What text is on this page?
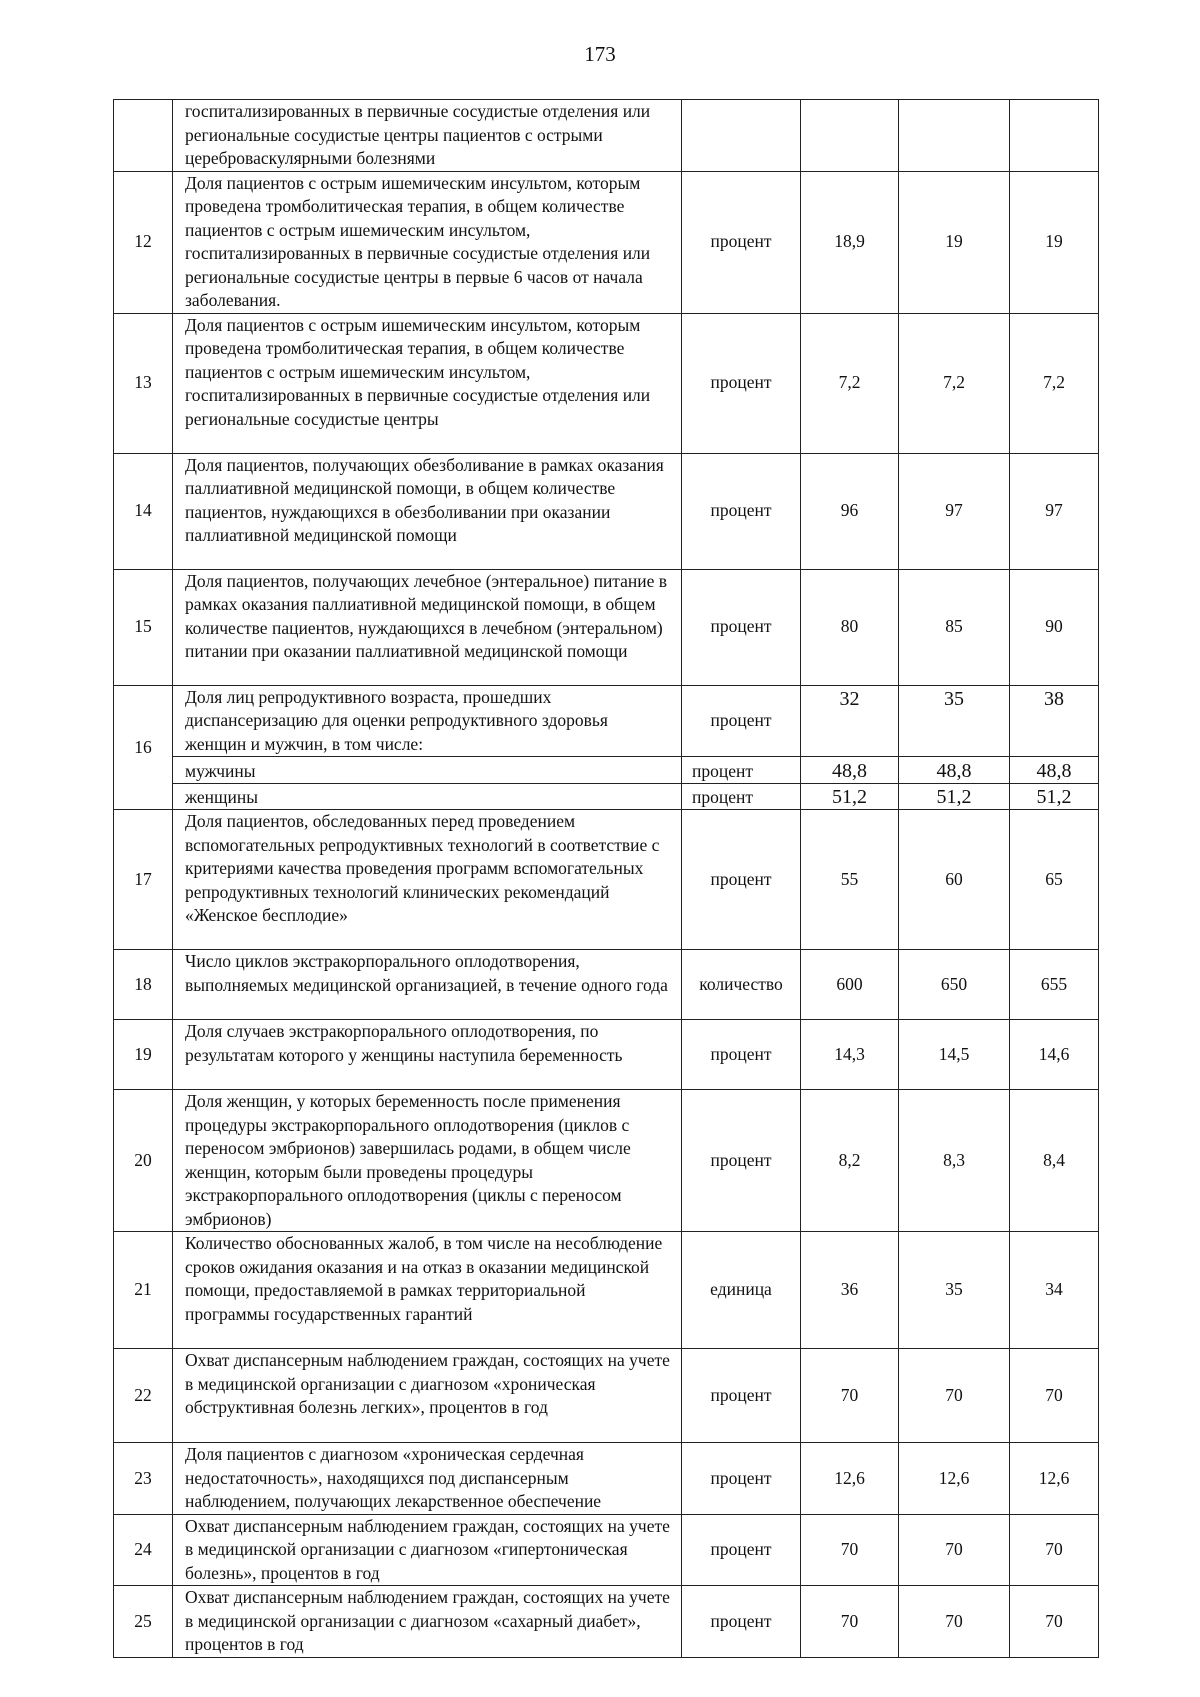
173
	госпитализированных в первичные сосудистые отделения или региональные сосудистые центры пациентов с острыми цереброваскулярными болезнями				
12	Доля пациентов с острым ишемическим инсультом, которым проведена тромболитическая терапия, в общем количестве пациентов с острым ишемическим инсультом, госпитализированных в первичные сосудистые отделения или региональные сосудистые центры в первые 6 часов от начала заболевания.	процент	18,9	19	19
13	Доля пациентов с острым ишемическим инсультом, которым проведена тромболитическая терапия, в общем количестве пациентов с острым ишемическим инсультом, госпитализированных в первичные сосудистые отделения или региональные сосудистые центры	процент	7,2	7,2	7,2
14	Доля пациентов, получающих обезболивание в рамках оказания паллиативной медицинской помощи, в общем количестве пациентов, нуждающихся в обезболивании при оказании паллиативной медицинской помощи	процент	96	97	97
15	Доля пациентов, получающих лечебное (энтеральное) питание в рамках оказания паллиативной медицинской помощи, в общем количестве пациентов, нуждающихся в лечебном (энтеральном) питании при оказании паллиативной медицинской помощи	процент	80	85	90
16	Доля лиц репродуктивного возраста, прошедших диспансеризацию для оценки репродуктивного здоровья женщин и мужчин, в том числе:	процент	32	35	38
	мужчины	процент	48,8	48,8	48,8
	женщины	процент	51,2	51,2	51,2
17	Доля пациентов, обследованных перед проведением вспомогательных репродуктивных технологий в соответствие с критериями качества проведения программ вспомогательных репродуктивных технологий клинических рекомендаций «Женское бесплодие»	процент	55	60	65
18	Число циклов экстракорпорального оплодотворения, выполняемых медицинской организацией, в течение одного года	количество	600	650	655
19	Доля случаев экстракорпорального оплодотворения, по результатам которого у женщины наступила беременность	процент	14,3	14,5	14,6
20	Доля женщин, у которых беременность после применения процедуры экстракорпорального оплодотворения (циклов с переносом эмбрионов) завершилась родами, в общем числе женщин, которым были проведены процедуры экстракорпорального оплодотворения (циклы с переносом эмбрионов)	процент	8,2	8,3	8,4
21	Количество обоснованных жалоб, в том числе на несоблюдение сроков ожидания оказания и на отказ в оказании медицинской помощи, предоставляемой в рамках территориальной программы государственных гарантий	единица	36	35	34
22	Охват диспансерным наблюдением граждан, состоящих на учете в медицинской организации с диагнозом «хроническая обструктивная болезнь легких», процентов в год	процент	70	70	70
23	Доля пациентов с диагнозом «хроническая сердечная недостаточность», находящихся под диспансерным наблюдением, получающих лекарственное обеспечение	процент	12,6	12,6	12,6
24	Охват диспансерным наблюдением граждан, состоящих на учете в медицинской организации с диагнозом «гипертоническая болезнь», процентов в год	процент	70	70	70
25	Охват диспансерным наблюдением граждан, состоящих на учете в медицинской организации с диагнозом «сахарный диабет», процентов в год	процент	70	70	70
